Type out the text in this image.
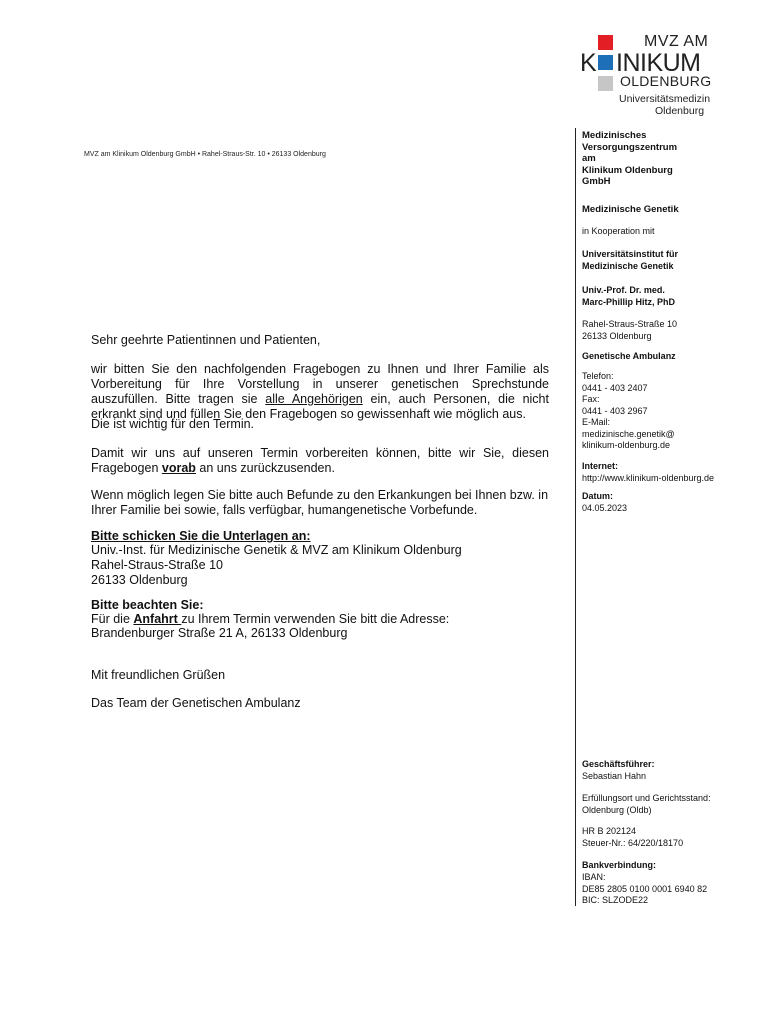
MVZ AM
K INIKUM
OLDENBURG
Universitätsmedizin
Oldenburg
MVZ am Klinikum Oldenburg GmbH • Rahel-Straus-Str. 10 • 26133 Oldenburg
Medizinisches
Versorgungszentrum
am
Klinikum Oldenburg
GmbH
Medizinische Genetik
in Kooperation mit
Universitätsinstitut für
Medizinische Genetik
Univ.-Prof. Dr. med.
Marc-Phillip Hitz, PhD
Rahel-Straus-Straße 10
26133 Oldenburg
Genetische Ambulanz
Telefon:
0441 - 403 2407
Fax:
0441 - 403 2967
E-Mail:
medizinische.genetik@
klinikum-oldenburg.de
Internet:
http://www.klinikum-oldenburg.de
Datum:
04.05.2023
Geschäftsführer:
Sebastian Hahn
Erfüllungsort und Gerichtsstand:
Oldenburg (Oldb)
HR B 202124
Steuer-Nr.: 64/220/18170
Bankverbindung:
IBAN:
DE85 2805 0100 0001 6940 82
BIC: SLZODE22
Sehr geehrte Patientinnen und Patienten,
wir bitten Sie den nachfolgenden Fragebogen zu Ihnen und Ihrer Familie als Vorbereitung für Ihre Vorstellung in unserer genetischen Sprechstunde auszufüllen. Bitte tragen sie alle Angehörigen ein, auch Personen, die nicht erkrankt sind und füllen Sie den Fragebogen so gewissenhaft wie möglich aus.
Die ist wichtig für den Termin.
Damit wir uns auf unseren Termin vorbereiten können, bitte wir Sie, diesen Fragebogen vorab an uns zurückzusenden.
Wenn möglich legen Sie bitte auch Befunde zu den Erkankungen bei Ihnen bzw. in Ihrer Familie bei sowie, falls verfügbar, humangenetische Vorbefunde.
Bitte schicken Sie die Unterlagen an:
Univ.-Inst. für Medizinische Genetik & MVZ am Klinikum Oldenburg
Rahel-Straus-Straße 10
26133 Oldenburg
Bitte beachten Sie:
Für die Anfahrt zu Ihrem Termin verwenden Sie bitt die Adresse:
Brandenburger Straße 21 A, 26133 Oldenburg
Mit freundlichen Grüßen
Das Team der Genetischen Ambulanz
